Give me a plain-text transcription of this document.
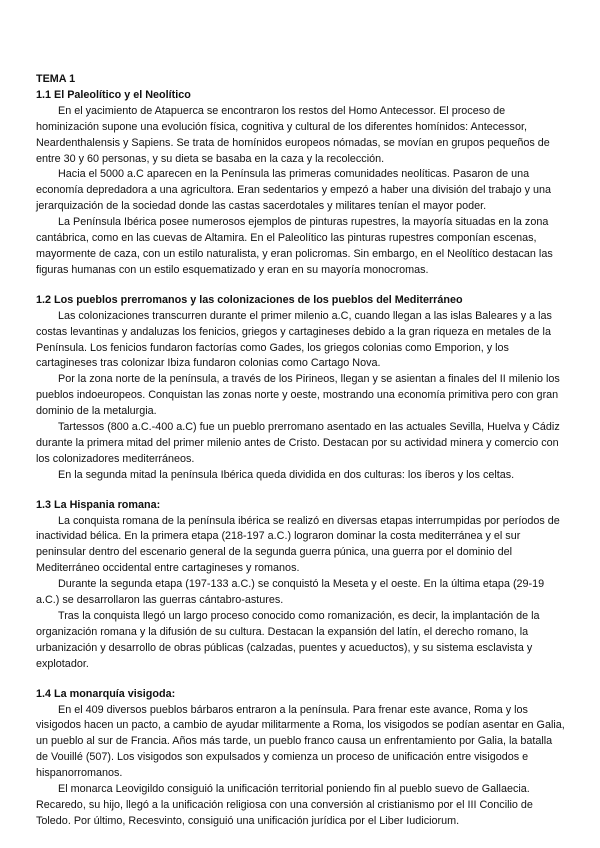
TEMA 1
1.1 El Paleolítico y el Neolítico

En el yacimiento de Atapuerca se encontraron los restos del Homo Antecessor. El proceso de hominización supone una evolución física, cognitiva y cultural de los diferentes homínidos: Antecessor, Neardenthalensis y Sapiens. Se trata de homínidos europeos nómadas, se movían en grupos pequeños de entre 30 y 60 personas, y su dieta se basaba en la caza y la recolección.

Hacia el 5000 a.C aparecen en la Península las primeras comunidades neolíticas. Pasaron de una economía depredadora a una agricultora. Eran sedentarios y empezó a haber una división del trabajo y una jerarquización de la sociedad donde las castas sacerdotales y militares tenían el mayor poder.

La Península Ibérica posee numerosos ejemplos de pinturas rupestres, la mayoría situadas en la zona cantábrica, como en las cuevas de Altamira. En el Paleolítico las pinturas rupestres componían escenas, mayormente de caza, con un estilo naturalista, y eran policromas. Sin embargo, en el Neolítico destacan las figuras humanas con un estilo esquematizado y eran en su mayoría monocromas.

1.2 Los pueblos prerromanos y las colonizaciones de los pueblos del Mediterráneo

Las colonizaciones transcurren durante el primer milenio a.C, cuando llegan a las islas Baleares y a las costas levantinas y andaluzas los fenicios, griegos y cartagineses debido a la gran riqueza en metales de la Península. Los fenicios fundaron factorías como Gades, los griegos colonias como Emporion, y los cartagineses tras colonizar Ibiza fundaron colonias como Cartago Nova.

Por la zona norte de la península, a través de los Pirineos, llegan y se asientan a finales del II milenio los pueblos indoeuropeos. Conquistan las zonas norte y oeste, mostrando una economía primitiva pero con gran dominio de la metalurgia.

Tartessos (800 a.C.-400 a.C) fue un pueblo prerromano asentado en las actuales Sevilla, Huelva y Cádiz durante la primera mitad del primer milenio antes de Cristo. Destacan por su actividad minera y comercio con los colonizadores mediterráneos.

En la segunda mitad la península Ibérica queda dividida en dos culturas: los íberos y los celtas.

1.3 La Hispania romana:

La conquista romana de la península ibérica se realizó en diversas etapas interrumpidas por períodos de inactividad bélica. En la primera etapa (218-197 a.C.) lograron dominar la costa mediterránea y el sur peninsular dentro del escenario general de la segunda guerra púnica, una guerra por el dominio del Mediterráneo occidental entre cartagineses y romanos.

Durante la segunda etapa (197-133 a.C.) se conquistó la Meseta y el oeste. En la última etapa (29-19 a.C.) se desarrollaron las guerras cántabro-astures.

Tras la conquista llegó un largo proceso conocido como romanización, es decir, la implantación de la organización romana y la difusión de su cultura. Destacan la expansión del latín, el derecho romano, la urbanización y desarrollo de obras públicas (calzadas, puentes y acueductos), y su sistema esclavista y explotador.

1.4 La monarquía visigoda:

En el 409 diversos pueblos bárbaros entraron a la península. Para frenar este avance, Roma y los visigodos hacen un pacto, a cambio de ayudar militarmente a Roma, los visigodos se podían asentar en Galia, un pueblo al sur de Francia. Años más tarde, un pueblo franco causa un enfrentamiento por Galia, la batalla de Vouillé (507). Los visigodos son expulsados y comienza un proceso de unificación entre visigodos e hispanorromanos.

El monarca Leovigildo consiguió la unificación territorial poniendo fin al pueblo suevo de Gallaecia. Recaredo, su hijo, llegó a la unificación religiosa con una conversión al cristianismo por el III Concilio de Toledo. Por último, Recesvinto, consiguió una unificación jurídica por el Liber Iudiciorum.
